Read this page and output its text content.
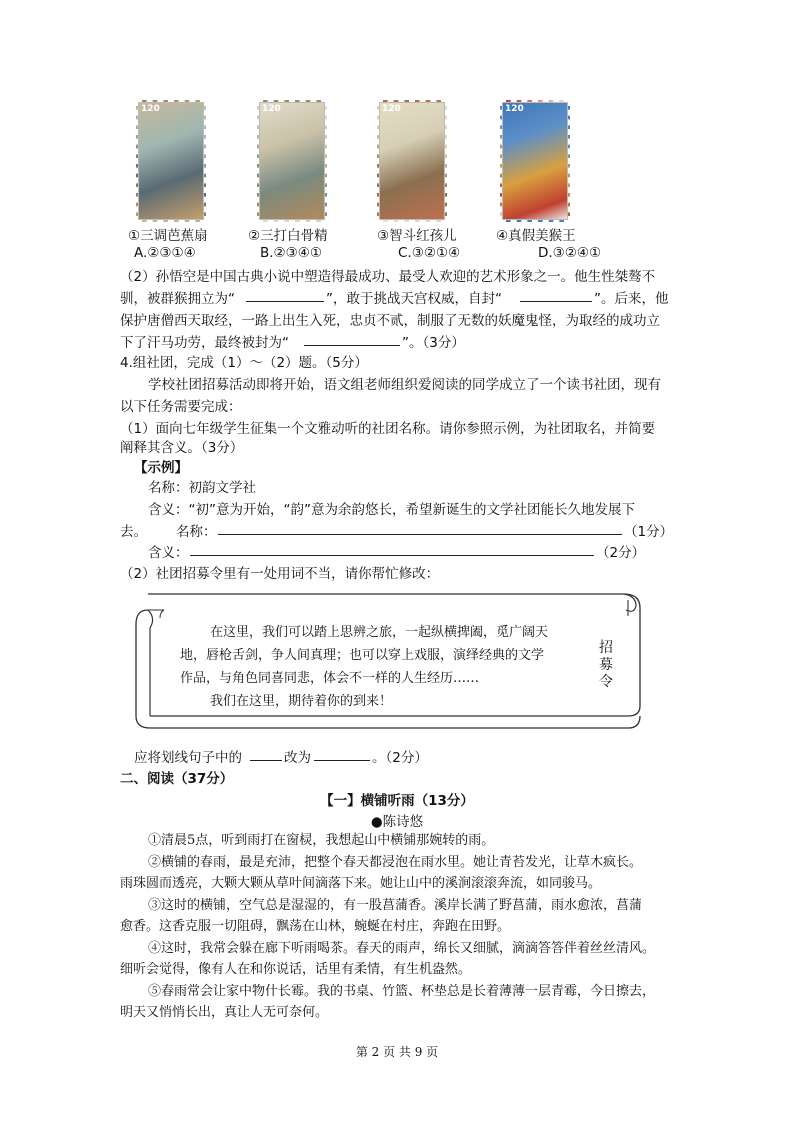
120	120	120	120
①三调芭蕉扇	②三打白骨精	③智斗红孩儿	④真假美猴王
A.②③①④	B.②③④①	C.③②①④	D.③②④①
（2）孙悟空是中国古典小说中塑造得最成功、最受人欢迎的艺术形象之一。他生性桀骜不
驯，被群猴拥立为“	”，敢于挑战天宫权威，自封“	”。后来，他
保护唐僧西天取经，一路上出生入死，忠贞不贰，制服了无数的妖魔鬼怪，为取经的成功立
下了汗马功劳，最终被封为“	”。（3分）
4.组社团，完成（1）～（2）题。（5分）
学校社团招募活动即将开始，语文组老师组织爱阅读的同学成立了一个读书社团，现有
以下任务需要完成：
（1）面向七年级学生征集一个文雅动听的社团名称。请你参照示例，为社团取名，并简要
阐释其含义。（3分）
【示例】
名称：初韵文学社
含义：“初”意为开始，“韵”意为余韵悠长，希望新诞生的文学社团能长久地发展下
去。 名称：	（1分）
含义：	（2分）
（2）社团招募令里有一处用词不当，请你帮忙修改：
在这里，我们可以踏上思辨之旅，一起纵横捭阖，觅广阔天
地，唇枪舌剑，争人间真理；也可以穿上戏服，演绎经典的文学
作品，与角色同喜同悲，体会不一样的人生经历……
我们在这里，期待着你的到来！
招募令
应将划线句子中的	改为	。（2分）
二、阅读（37分）
【一】横铺听雨（13分）
●陈诗悠

①清晨5点，听到雨打在窗棂，我想起山中横铺那婉转的雨。

②横铺的春雨，最是充沛，把整个春天都浸泡在雨水里。她让青苔发光，让草木疯长。

雨珠圆而透亮，大颗大颗从草叶间滴落下来。她让山中的溪涧滚滚奔流，如同骏马。

③这时的横铺，空气总是湿湿的，有一股菖蒲香。溪岸长满了野菖蒲，雨水愈浓，菖蒲

愈香。这香克服一切阻碍，飘荡在山林，蜿蜒在村庄，奔跑在田野。

④这时，我常会躲在廊下听雨喝茶。春天的雨声，绵长又细腻，滴滴答答伴着丝丝清风。

细听会觉得，像有人在和你说话，话里有柔情，有生机盎然。

⑤春雨常会让家中物什长霉。我的书桌、竹篮、杯垫总是长着薄薄一层青霉，今日擦去，

明天又悄悄长出，真让人无可奈何。

第 2 页 共 9 页
